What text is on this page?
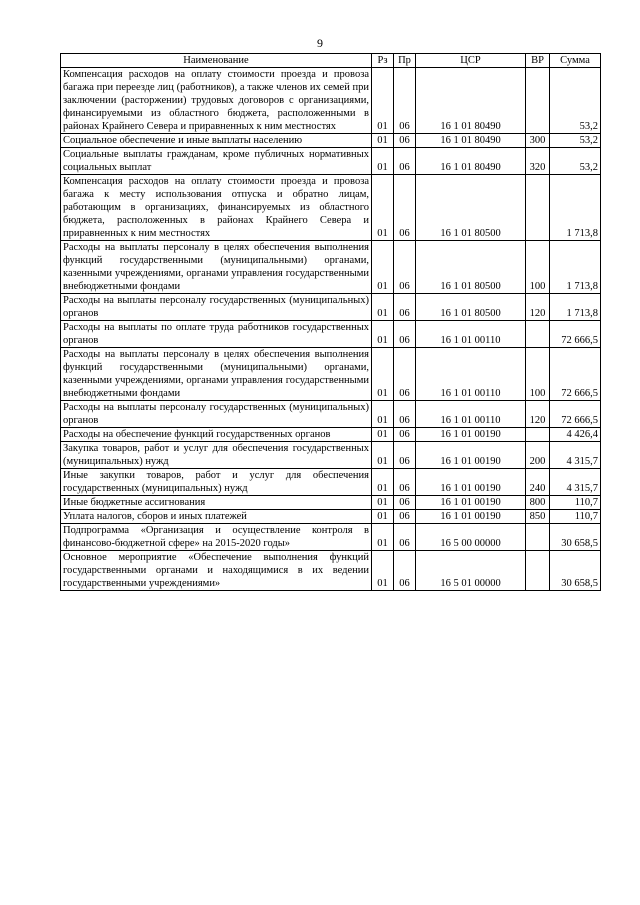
9
Наименование	Рз	Пр	ЦСР	ВР	Сумма
Компенсация расходов на оплату стоимости проезда и провоза багажа при переезде лиц (работников), а также членов их семей при заключении (расторжении) трудовых договоров с организациями, финансируемыми из областного бюджета, расположенными в районах Крайнего Севера и приравненных к ним местностях	01	06	16 1 01 80490		53,2
Социальное обеспечение и иные выплаты населению	01	06	16 1 01 80490	300	53,2
Социальные выплаты гражданам, кроме публичных нормативных социальных выплат	01	06	16 1 01 80490	320	53,2
Компенсация расходов на оплату стоимости проезда и провоза багажа к месту использования отпуска и обратно лицам, работающим в организациях, финансируемых из областного бюджета, расположенных в районах Крайнего Севера и приравненных к ним местностях	01	06	16 1 01 80500		1 713,8
Расходы на выплаты персоналу в целях обеспечения выполнения функций государственными (муниципальными) органами, казенными учреждениями, органами управления государственными внебюджетными фондами	01	06	16 1 01 80500	100	1 713,8
Расходы на выплаты персоналу государственных (муниципальных) органов	01	06	16 1 01 80500	120	1 713,8
Расходы на выплаты по оплате труда работников государственных органов	01	06	16 1 01 00110		72 666,5
Расходы на выплаты персоналу в целях обеспечения выполнения функций государственными (муниципальными) органами, казенными учреждениями, органами управления государственными внебюджетными фондами	01	06	16 1 01 00110	100	72 666,5
Расходы на выплаты персоналу государственных (муниципальных) органов	01	06	16 1 01 00110	120	72 666,5
Расходы на обеспечение функций государственных органов	01	06	16 1 01 00190		4 426,4
Закупка товаров, работ и услуг для обеспечения государственных (муниципальных) нужд	01	06	16 1 01 00190	200	4 315,7
Иные закупки товаров, работ и услуг для обеспечения государственных (муниципальных) нужд	01	06	16 1 01 00190	240	4 315,7
Иные бюджетные ассигнования	01	06	16 1 01 00190	800	110,7
Уплата налогов, сборов и иных платежей	01	06	16 1 01 00190	850	110,7
Подпрограмма «Организация и осуществление контроля в финансово-бюджетной сфере» на 2015-2020 годы»	01	06	16 5 00 00000		30 658,5
Основное мероприятие «Обеспечение выполнения функций государственными органами и находящимися в их ведении государственными учреждениями»	01	06	16 5 01 00000		30 658,5
